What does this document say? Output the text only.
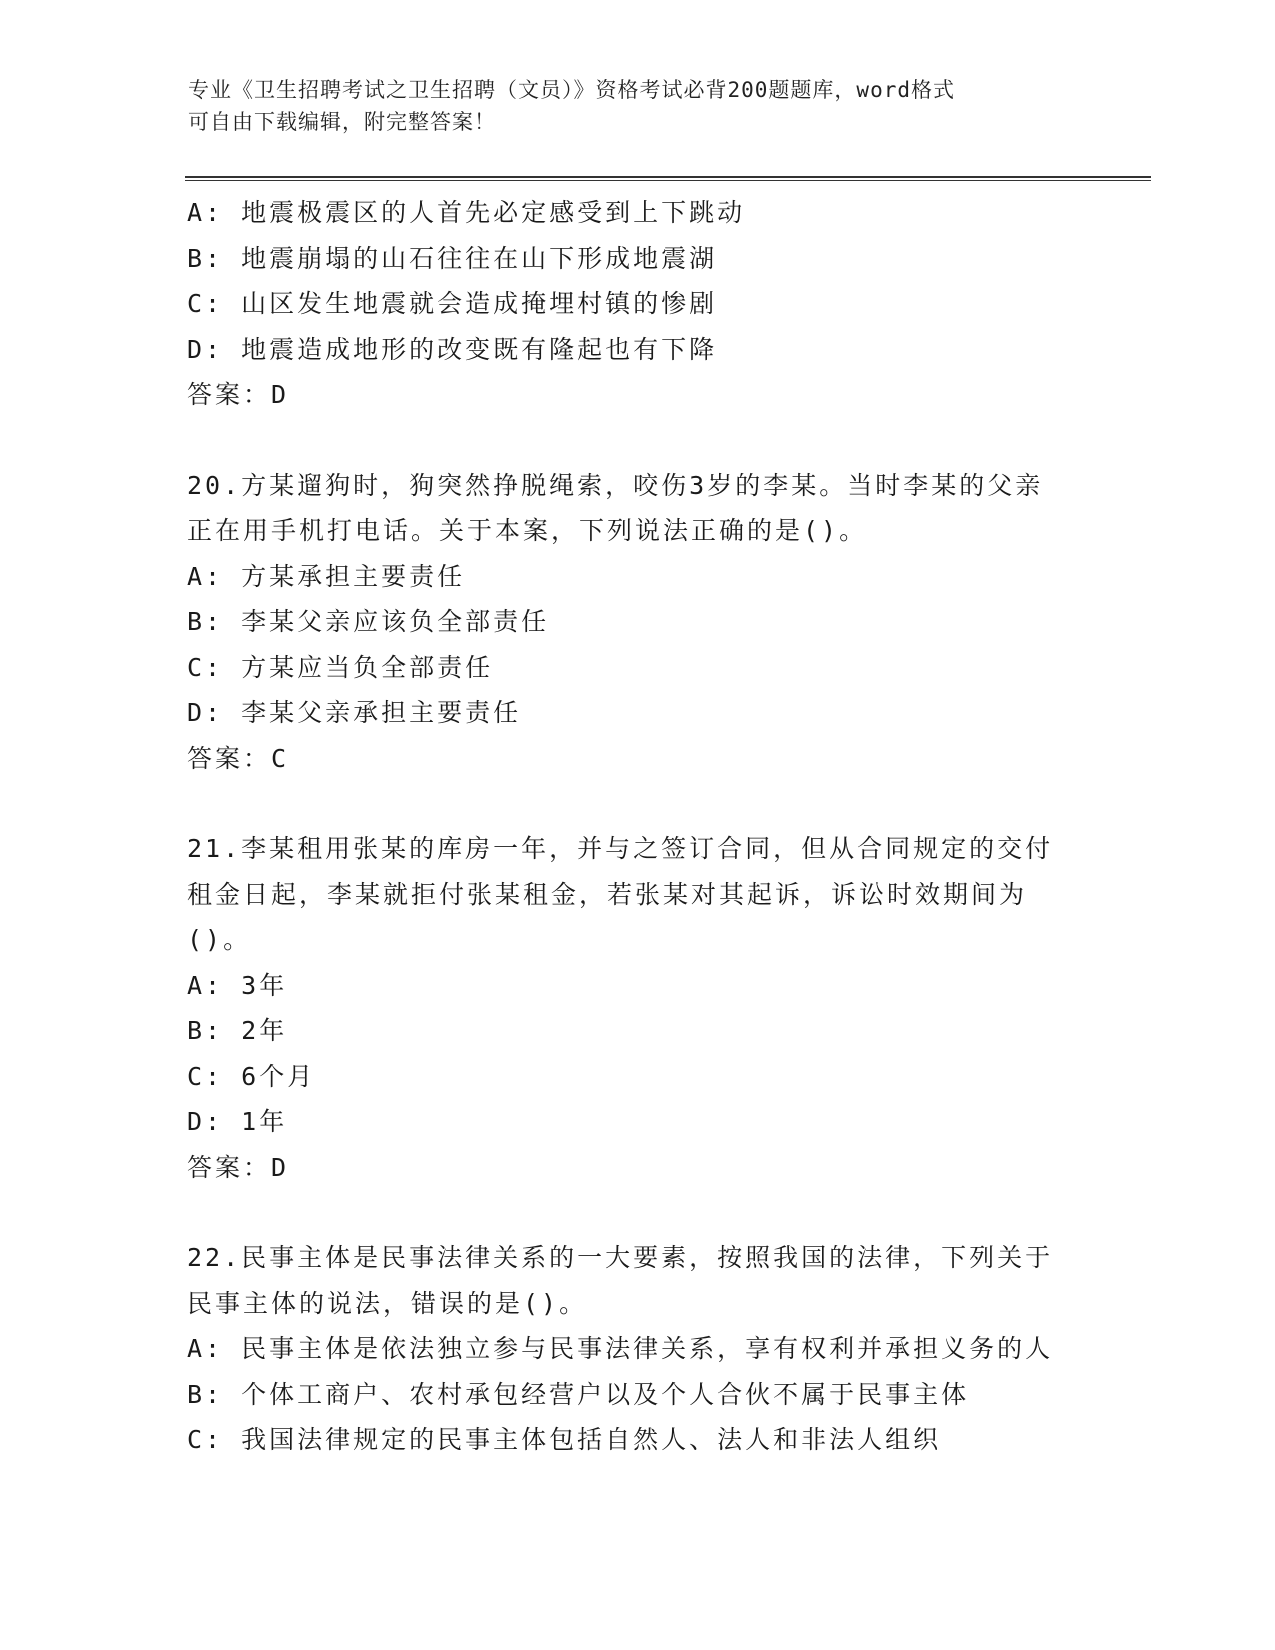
专业《卫生招聘考试之卫生招聘（文员）》资格考试必背200题题库，word格式
可自由下载编辑，附完整答案！
A: 地震极震区的人首先必定感受到上下跳动
B: 地震崩塌的山石往往在山下形成地震湖
C: 山区发生地震就会造成掩埋村镇的惨剧
D: 地震造成地形的改变既有隆起也有下降
答案：D
20.方某遛狗时，狗突然挣脱绳索，咬伤3岁的李某。当时李某的父亲
正在用手机打电话。关于本案，下列说法正确的是()。
A: 方某承担主要责任
B: 李某父亲应该负全部责任
C: 方某应当负全部责任
D: 李某父亲承担主要责任
答案：C
21.李某租用张某的库房一年，并与之签订合同，但从合同规定的交付
租金日起，李某就拒付张某租金，若张某对其起诉，诉讼时效期间为
()。
A: 3年
B: 2年
C: 6个月
D: 1年
答案：D
22.民事主体是民事法律关系的一大要素，按照我国的法律，下列关于
民事主体的说法，错误的是()。
A: 民事主体是依法独立参与民事法律关系，享有权利并承担义务的人
B: 个体工商户、农村承包经营户以及个人合伙不属于民事主体
C: 我国法律规定的民事主体包括自然人、法人和非法人组织
